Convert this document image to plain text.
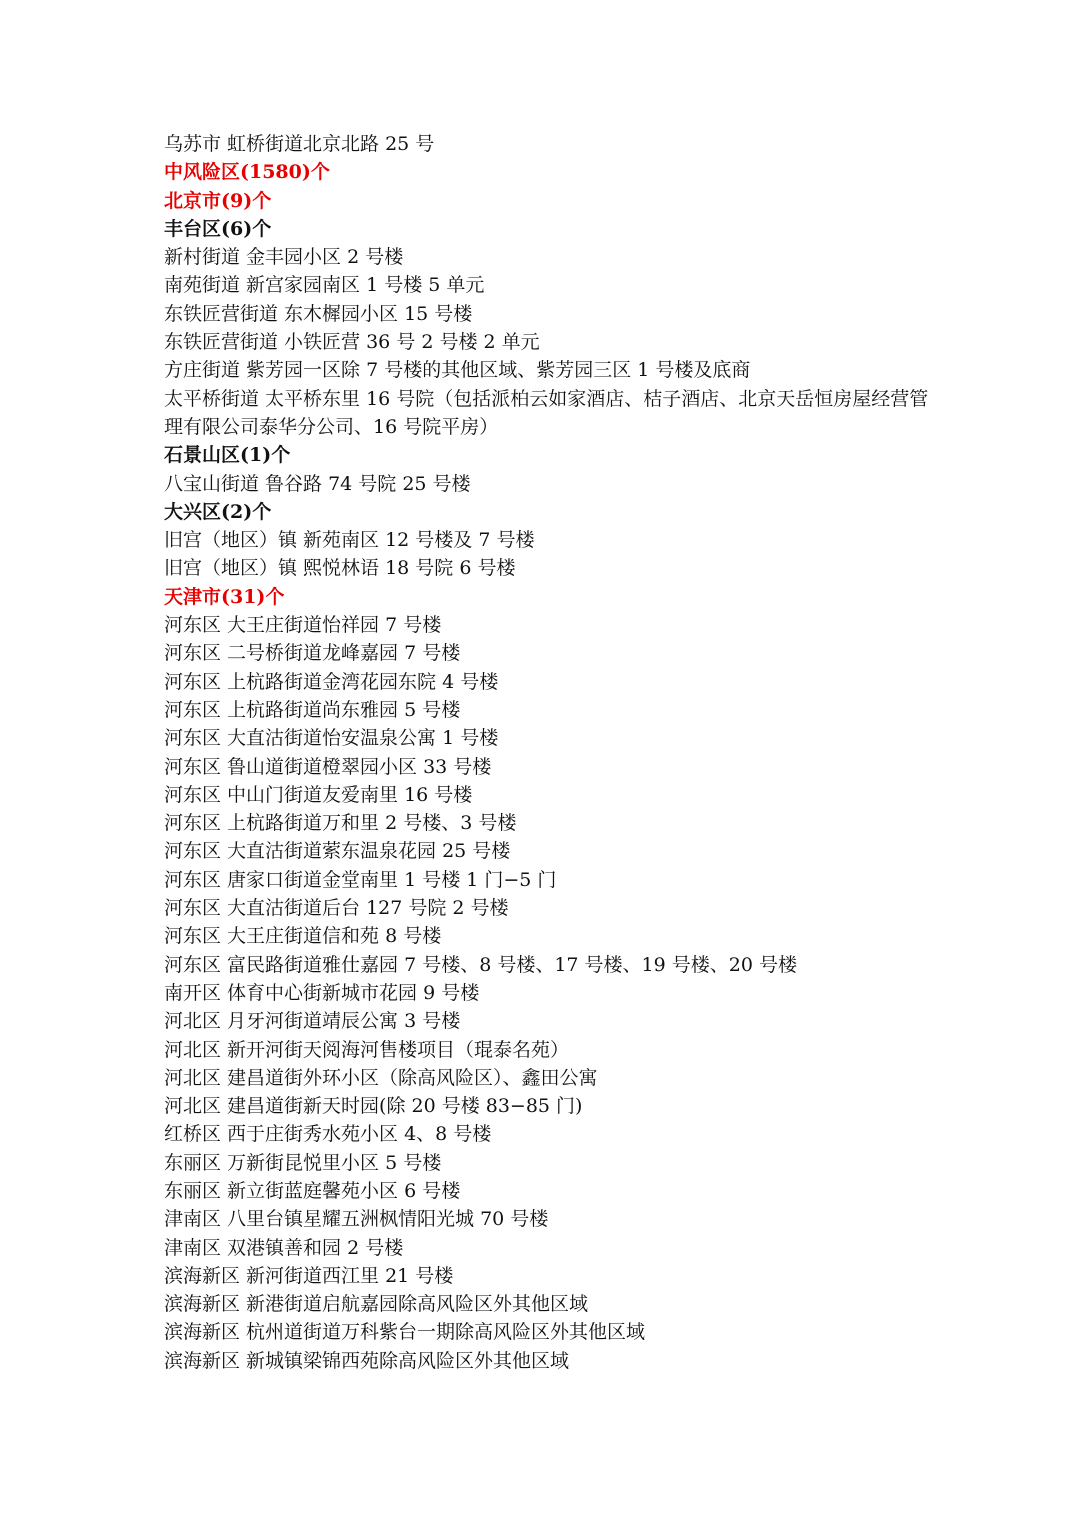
乌苏市 虹桥街道北京北路 25 号
中风险区(1580)个
北京市(9)个
丰台区(6)个
新村街道 金丰园小区 2 号楼
南苑街道 新宫家园南区 1 号楼 5 单元
东铁匠营街道 东木樨园小区 15 号楼
东铁匠营街道 小铁匠营 36 号 2 号楼 2 单元
方庄街道 紫芳园一区除 7 号楼的其他区域、紫芳园三区 1 号楼及底商
太平桥街道 太平桥东里 16 号院（包括派柏云如家酒店、桔子酒店、北京天岳恒房屋经营管理有限公司泰华分公司、16 号院平房）
石景山区(1)个
八宝山街道 鲁谷路 74 号院 25 号楼
大兴区(2)个
旧宫（地区）镇 新苑南区 12 号楼及 7 号楼
旧宫（地区）镇 熙悦林语 18 号院 6 号楼
天津市(31)个
河东区 大王庄街道怡祥园 7 号楼
河东区 二号桥街道龙峰嘉园 7 号楼
河东区 上杭路街道金湾花园东院 4 号楼
河东区 上杭路街道尚东雅园 5 号楼
河东区 大直沽街道怡安温泉公寓 1 号楼
河东区 鲁山道街道橙翠园小区 33 号楼
河东区 中山门街道友爱南里 16 号楼
河东区 上杭路街道万和里 2 号楼、3 号楼
河东区 大直沽街道萦东温泉花园 25 号楼
河东区 唐家口街道金堂南里 1 号楼 1 门−5 门
河东区 大直沽街道后台 127 号院 2 号楼
河东区 大王庄街道信和苑 8 号楼
河东区 富民路街道雅仕嘉园 7 号楼、8 号楼、17 号楼、19 号楼、20 号楼
南开区 体育中心街新城市花园 9 号楼
河北区 月牙河街道靖辰公寓 3 号楼
河北区 新开河街天阅海河售楼项目（琨泰名苑）
河北区 建昌道街外环小区（除高风险区）、鑫田公寓
河北区 建昌道街新天时园(除 20 号楼 83−85 门)
红桥区 西于庄街秀水苑小区 4、8 号楼
东丽区 万新街昆悦里小区 5 号楼
东丽区 新立街蓝庭馨苑小区 6 号楼
津南区 八里台镇星耀五洲枫情阳光城 70 号楼
津南区 双港镇善和园 2 号楼
滨海新区 新河街道西江里 21 号楼
滨海新区 新港街道启航嘉园除高风险区外其他区域
滨海新区 杭州道街道万科紫台一期除高风险区外其他区域
滨海新区 新城镇梁锦西苑除高风险区外其他区域
